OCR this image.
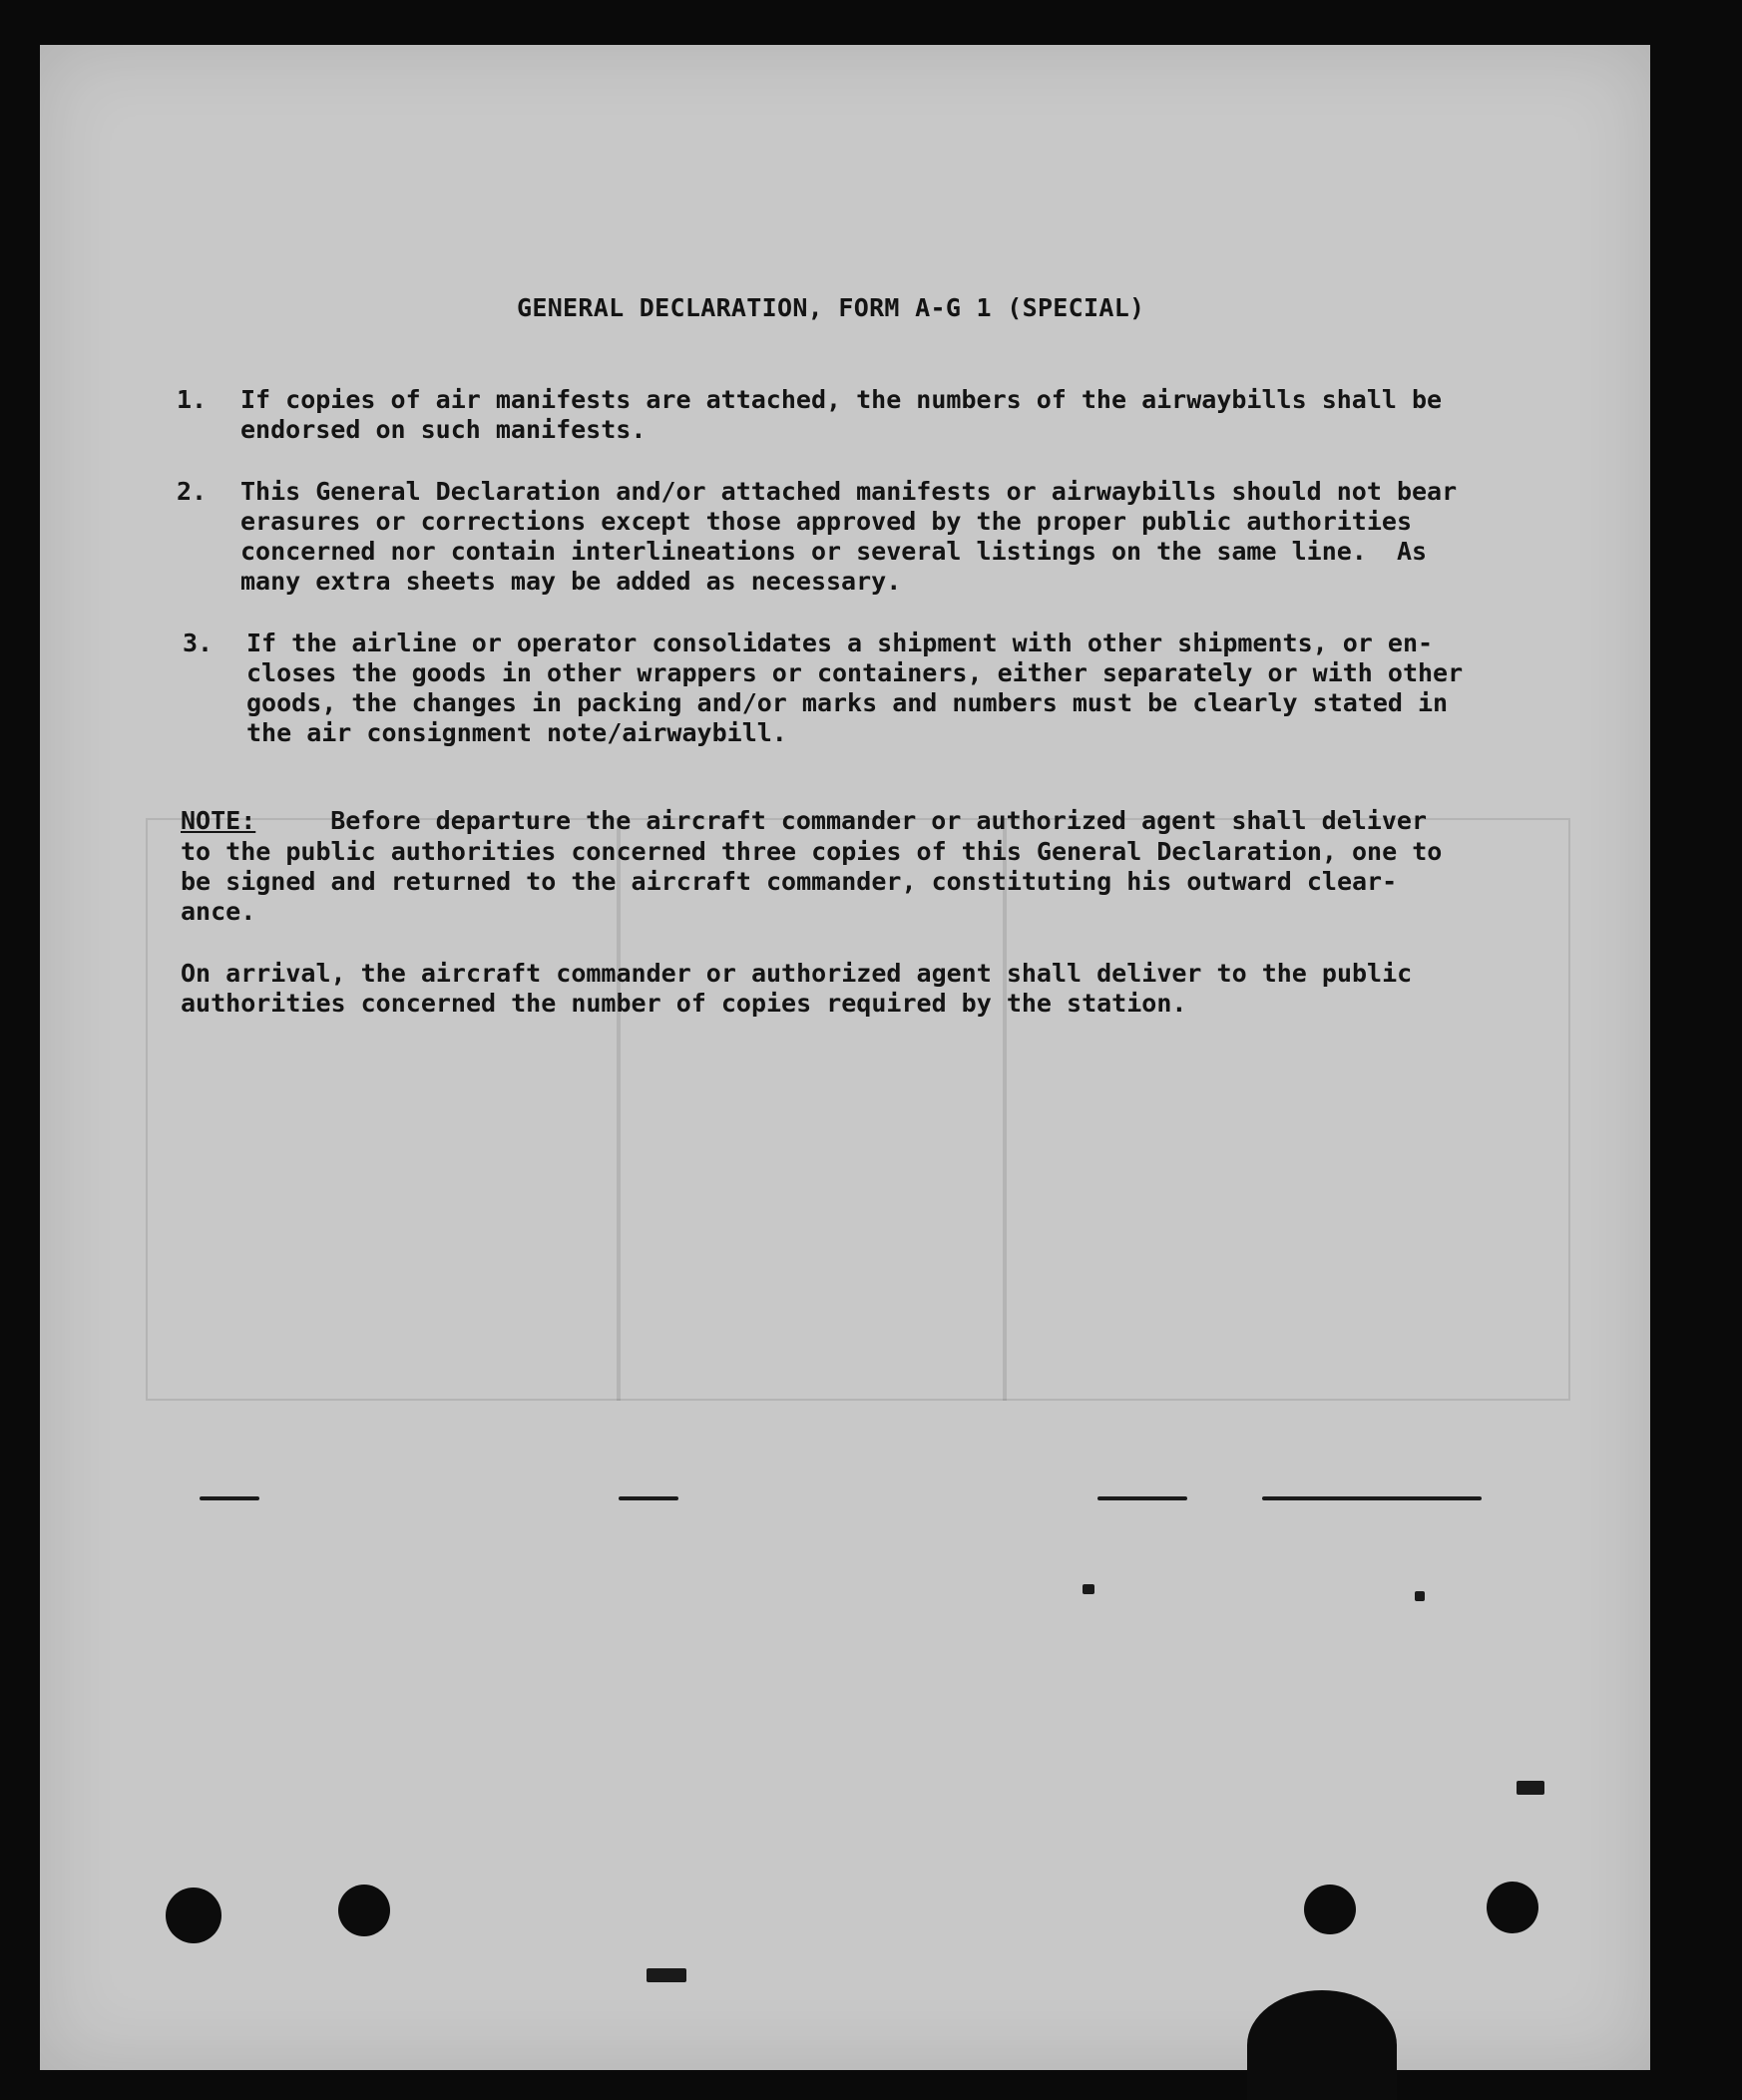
GENERAL DECLARATION, FORM A-G 1 (SPECIAL)
1. If copies of air manifests are attached, the numbers of the airwaybills shall be
endorsed on such manifests.
2. This General Declaration and/or attached manifests or airwaybills should not bear
erasures or corrections except those approved by the proper public authorities
concerned nor contain interlineations or several listings on the same line.  As
many extra sheets may be added as necessary.
3. If the airline or operator consolidates a shipment with other shipments, or en-
closes the goods in other wrappers or containers, either separately or with other
goods, the changes in packing and/or marks and numbers must be clearly stated in
the air consignment note/airwaybill.
NOTE: Before departure the aircraft commander or authorized agent shall deliver
to the public authorities concerned three copies of this General Declaration, one to
be signed and returned to the aircraft commander, constituting his outward clear-
ance.
On arrival, the aircraft commander or authorized agent shall deliver to the public
authorities concerned the number of copies required by the station.
